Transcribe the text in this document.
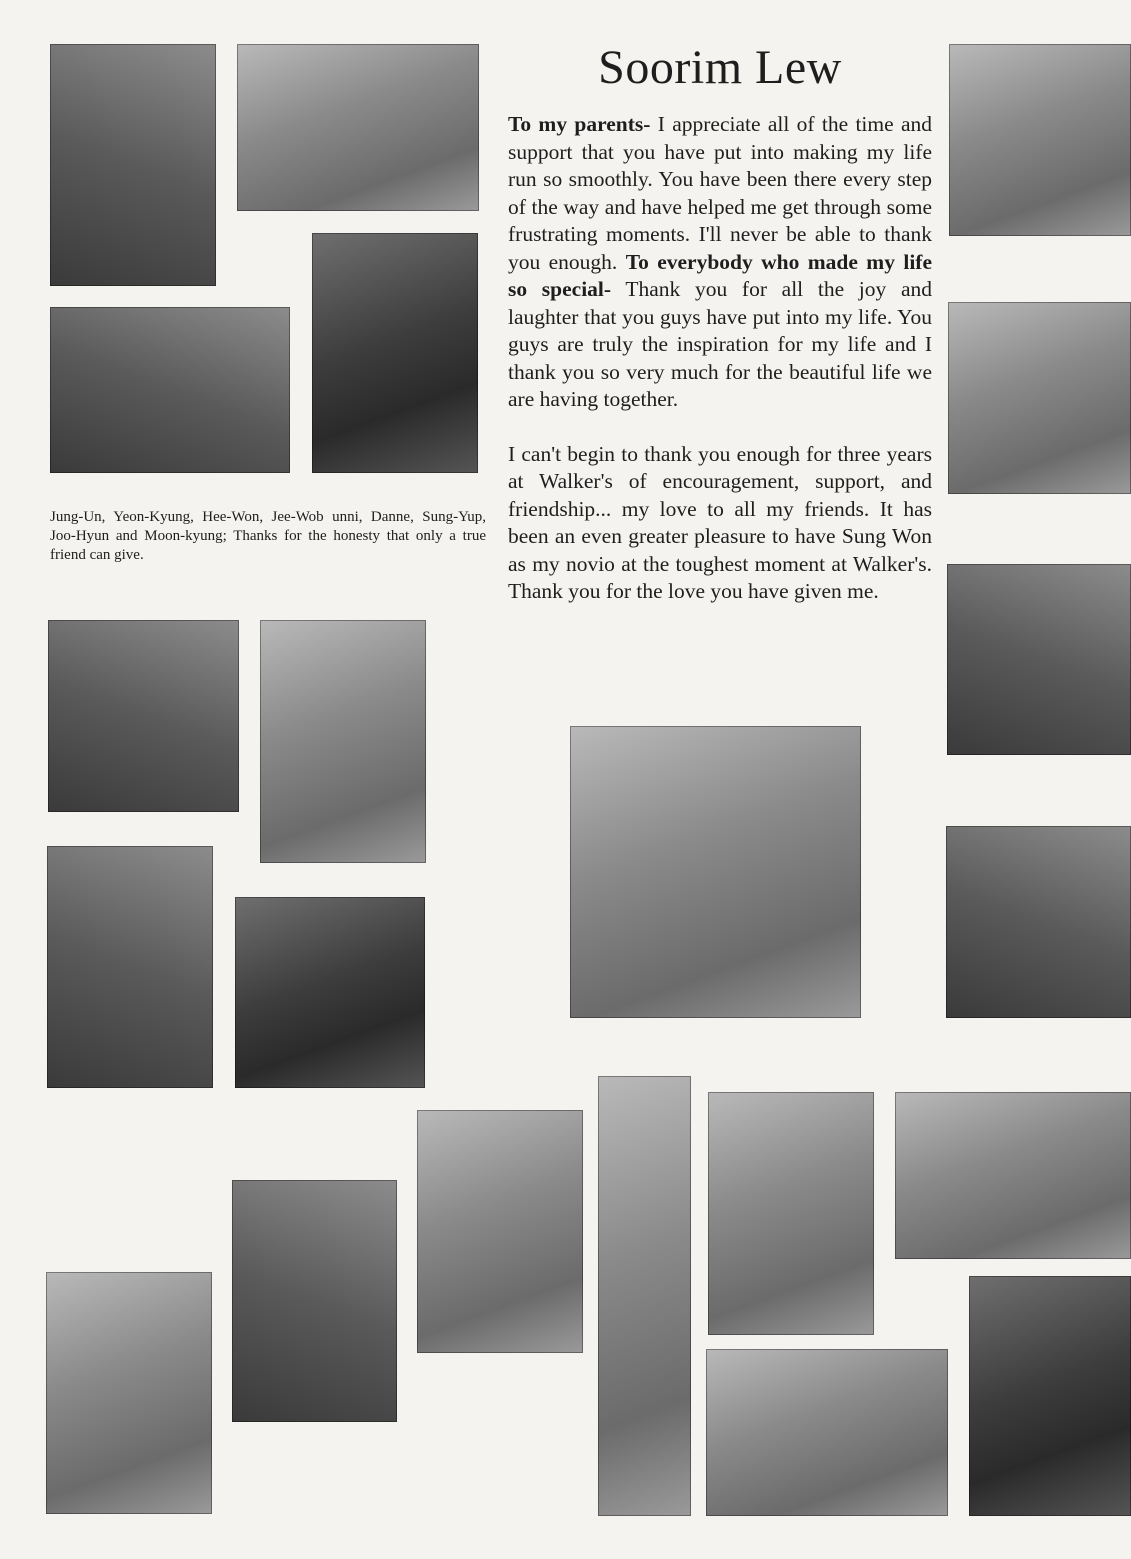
Soorim Lew

To my parents- I appreciate all of the time and support that you have put into making my life run so smoothly. You have been there every step of the way and have helped me get through some frustrating moments. I'll never be able to thank you enough. To everybody who made my life so special- Thank you for all the joy and laughter that you guys have put into my life. You guys are truly the inspiration for my life and I thank you so very much for the beautiful life we are having together.

I can't begin to thank you enough for three years at Walker's of encouragement, support, and friendship... my love to all my friends. It has been an even greater pleasure to have Sung Won as my novio at the toughest moment at Walker's. Thank you for the love you have given me.

Jung-Un, Yeon-Kyung, Hee-Won, Jee-Wob unni, Danne, Sung-Yup, Joo-Hyun and Moon-kyung; Thanks for the honesty that only a true friend can give.
